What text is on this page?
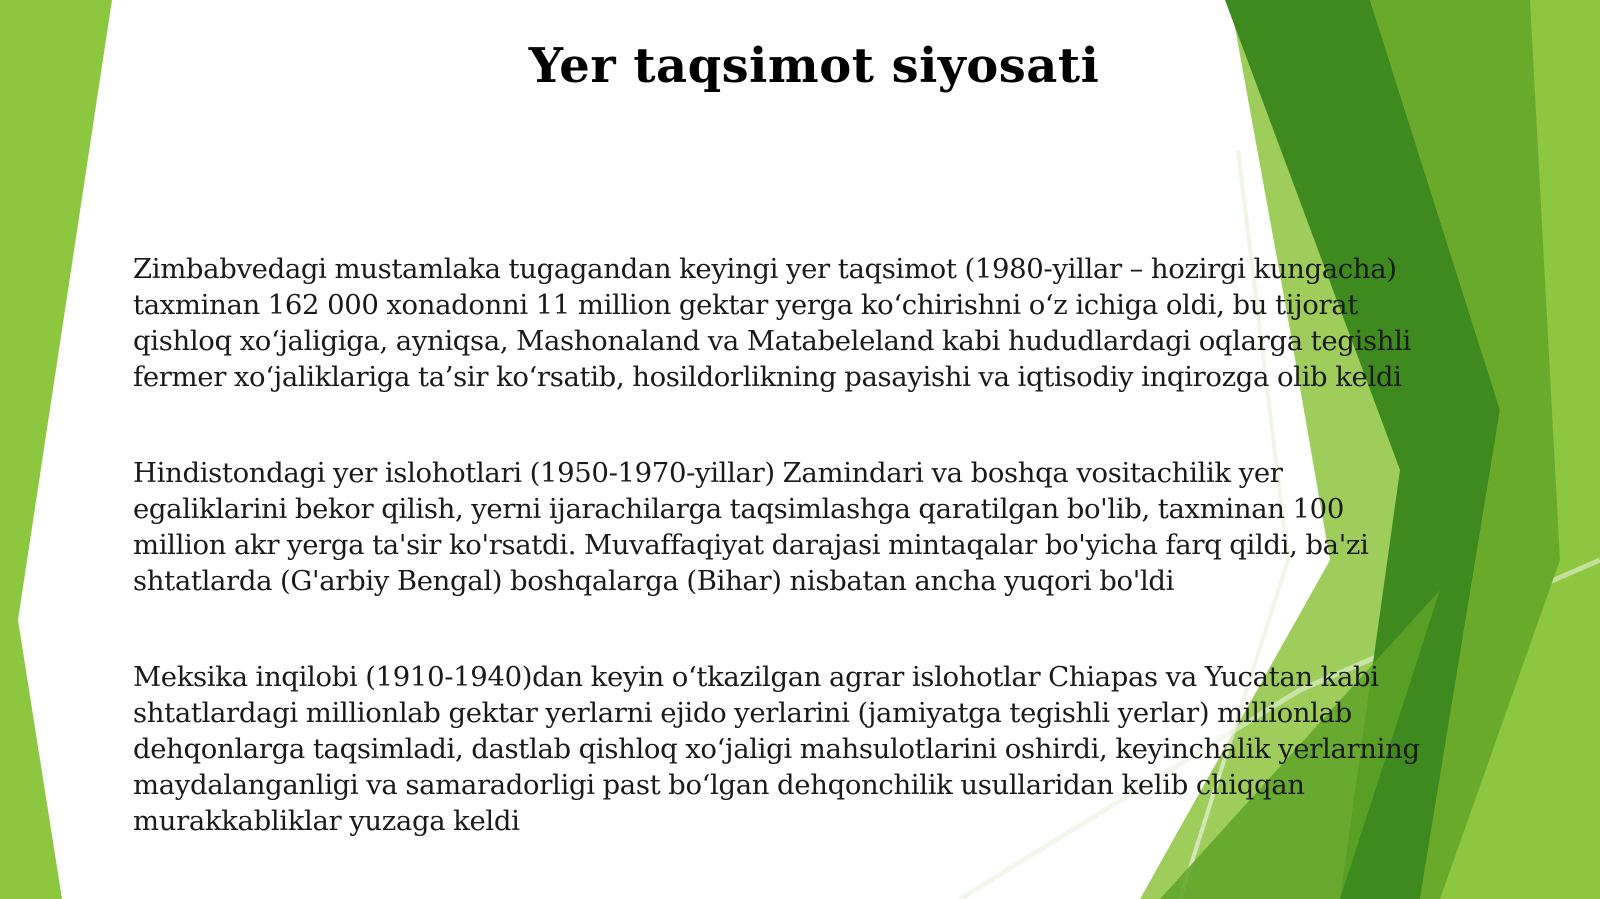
Yer taqsimot siyosati

Zimbabvedagi mustamlaka tugagandan keyingi yer taqsimot (1980-yillar – hozirgi kungacha)
taxminan 162 000 xonadonni 11 million gektar yerga ko‘chirishni o‘z ichiga oldi, bu tijorat
qishloq xo‘jaligiga, ayniqsa, Mashonaland va Matabeleland kabi hududlardagi oqlarga tegishli
fermer xo‘jaliklariga ta’sir ko‘rsatib, hosildorlikning pasayishi va iqtisodiy inqirozga olib keldi

Hindistondagi yer islohotlari (1950-1970-yillar) Zamindari va boshqa vositachilik yer
egaliklarini bekor qilish, yerni ijarachilarga taqsimlashga qaratilgan bo'lib, taxminan 100
million akr yerga ta'sir ko'rsatdi. Muvaffaqiyat darajasi mintaqalar bo'yicha farq qildi, ba'zi
shtatlarda (G'arbiy Bengal) boshqalarga (Bihar) nisbatan ancha yuqori bo'ldi

Meksika inqilobi (1910-1940)dan keyin o‘tkazilgan agrar islohotlar Chiapas va Yucatan kabi
shtatlardagi millionlab gektar yerlarni ejido yerlarini (jamiyatga tegishli yerlar) millionlab
dehqonlarga taqsimladi, dastlab qishloq xo‘jaligi mahsulotlarini oshirdi, keyinchalik yerlarning
maydalanganligi va samaradorligi past bo‘lgan dehqonchilik usullaridan kelib chiqqan
murakkabliklar yuzaga keldi
